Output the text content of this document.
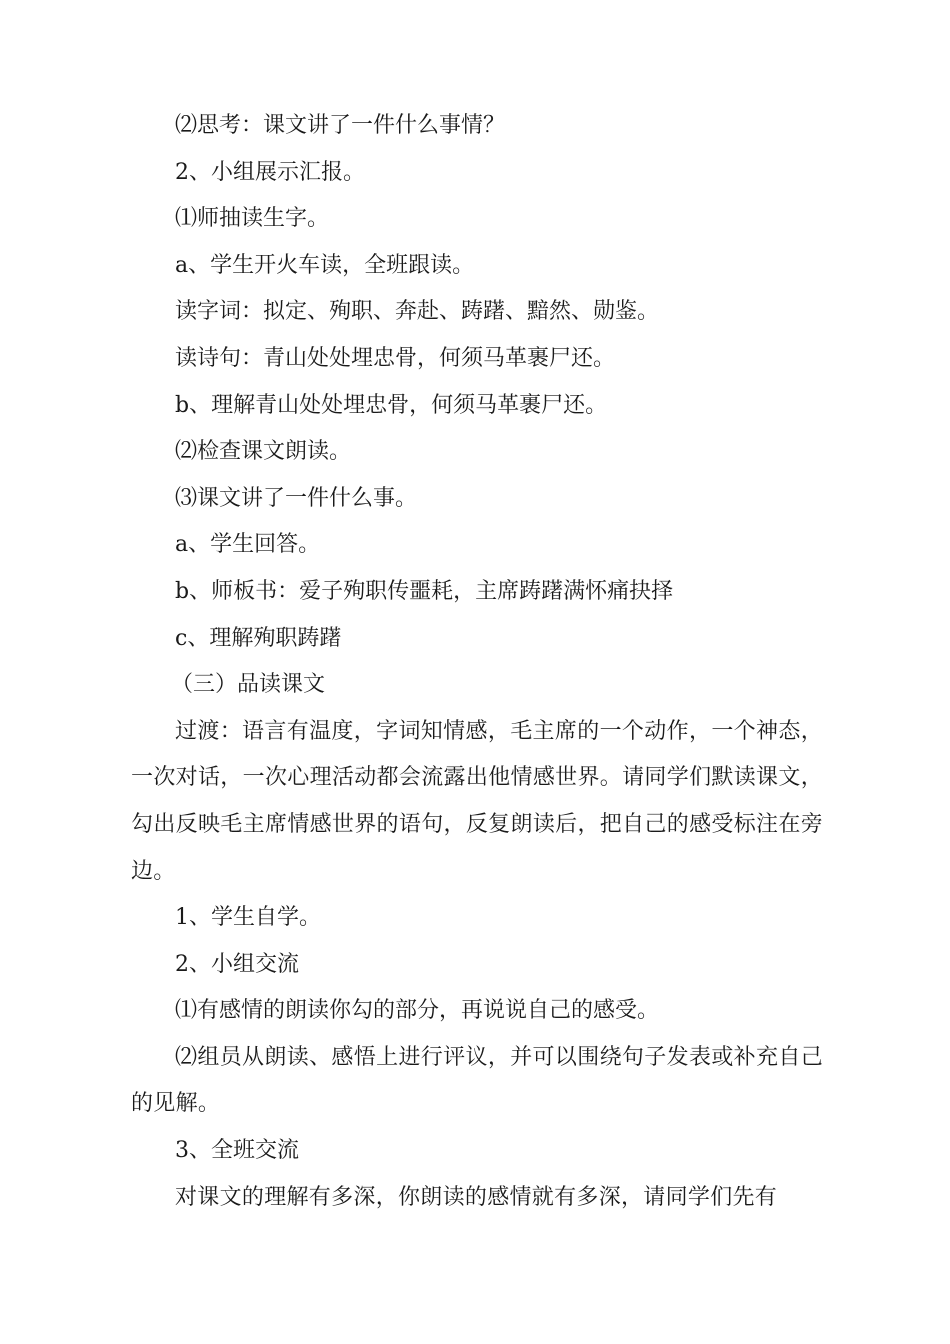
⑵思考：课文讲了一件什么事情？

2、小组展示汇报。

⑴师抽读生字。

a、学生开火车读，全班跟读。

读字词：拟定、殉职、奔赴、踌躇、黯然、勋鉴。

读诗句：青山处处埋忠骨，何须马革裹尸还。

b、理解青山处处埋忠骨，何须马革裹尸还。

⑵检查课文朗读。

⑶课文讲了一件什么事。

a、学生回答。

b、师板书：爱子殉职传噩耗，主席踌躇满怀痛抉择

c、理解殉职踌躇

（三）品读课文

过渡：语言有温度，字词知情感，毛主席的一个动作，一个神态，一次对话，一次心理活动都会流露出他情感世界。请同学们默读课文，勾出反映毛主席情感世界的语句，反复朗读后，把自己的感受标注在旁边。

1、学生自学。

2、小组交流

⑴有感情的朗读你勾的部分，再说说自己的感受。

⑵组员从朗读、感悟上进行评议，并可以围绕句子发表或补充自己的见解。

3、全班交流

对课文的理解有多深，你朗读的感情就有多深，请同学们先有
